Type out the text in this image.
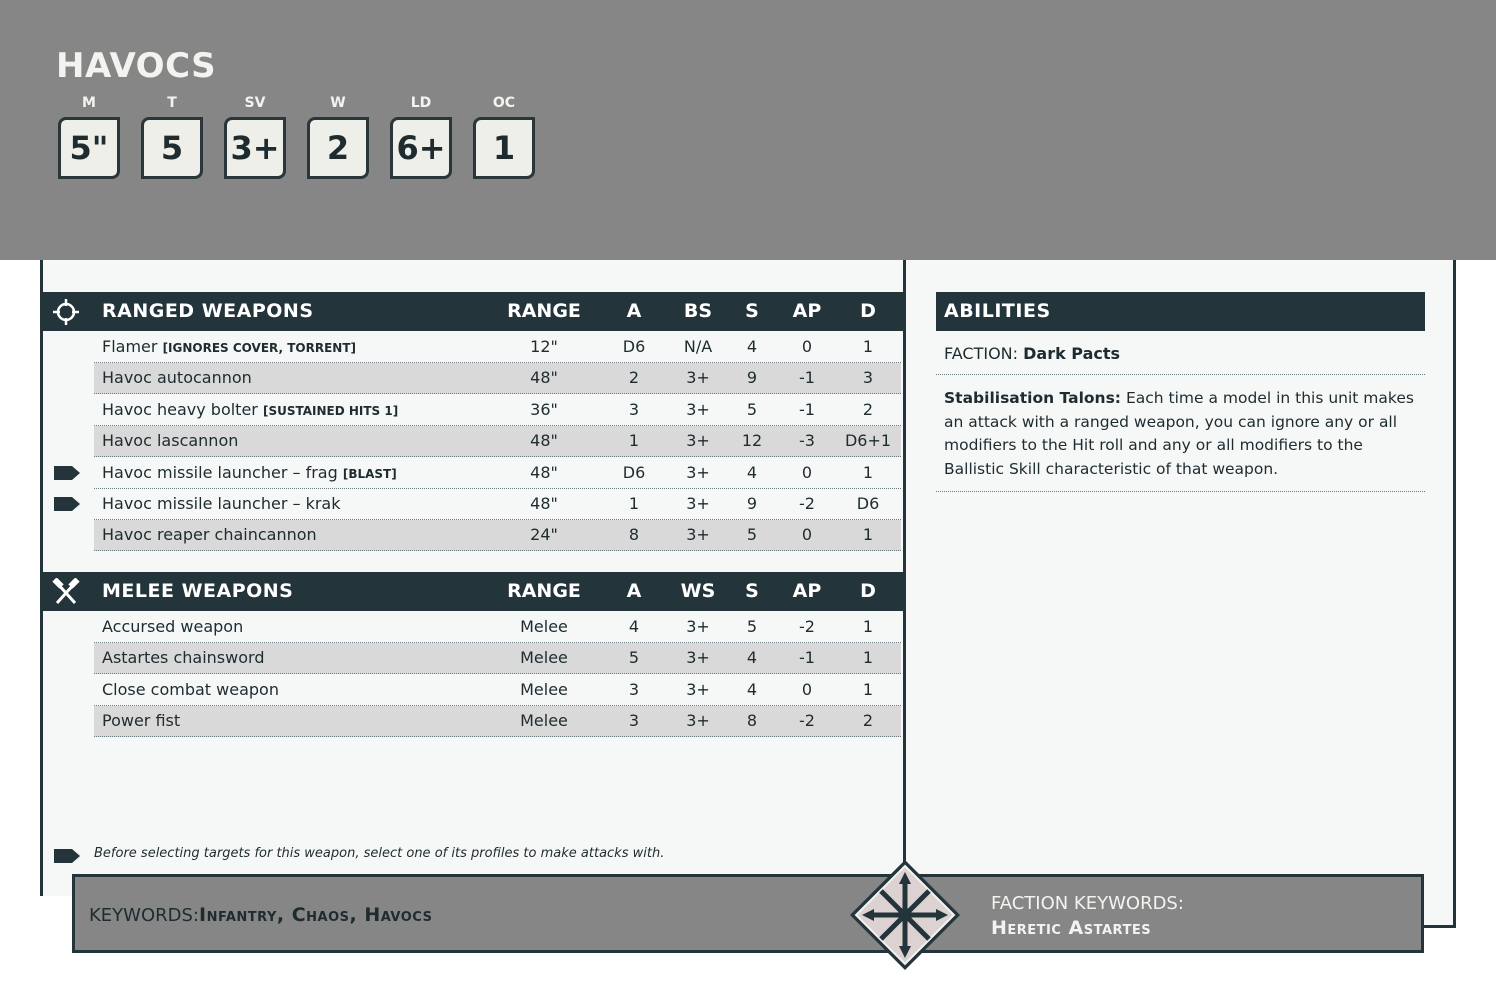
HAVOCS
M
5"
T
5
SV
3+
W
2
LD
6+
OC
1
RANGED WEAPONS	RANGE	A	BS	S	AP	D
Flamer [IGNORES COVER, TORRENT]	12"	D6	N/A	4	0	1
Havoc autocannon	48"	2	3+	9	-1	3
Havoc heavy bolter [SUSTAINED HITS 1]	36"	3	3+	5	-1	2
Havoc lascannon	48"	1	3+	12	-3	D6+1
Havoc missile launcher – frag [BLAST]	48"	D6	3+	4	0	1
Havoc missile launcher – krak	48"	1	3+	9	-2	D6
Havoc reaper chaincannon	24"	8	3+	5	0	1
MELEE WEAPONS	RANGE	A	WS	S	AP	D
Accursed weapon	Melee	4	3+	5	-2	1
Astartes chainsword	Melee	5	3+	4	-1	1
Close combat weapon	Melee	3	3+	4	0	1
Power fist	Melee	3	3+	8	-2	2
ABILITIES
FACTION: Dark Pacts
Stabilisation Talons: Each time a model in this unit makes an attack with a ranged weapon, you can ignore any or all modifiers to the Hit roll and any or all modifiers to the Ballistic Skill characteristic of that weapon.
Before selecting targets for this weapon, select one of its profiles to make attacks with.
KEYWORDS:Infantry, Chaos, Havocs
FACTION KEYWORDS:
Heretic Astartes
